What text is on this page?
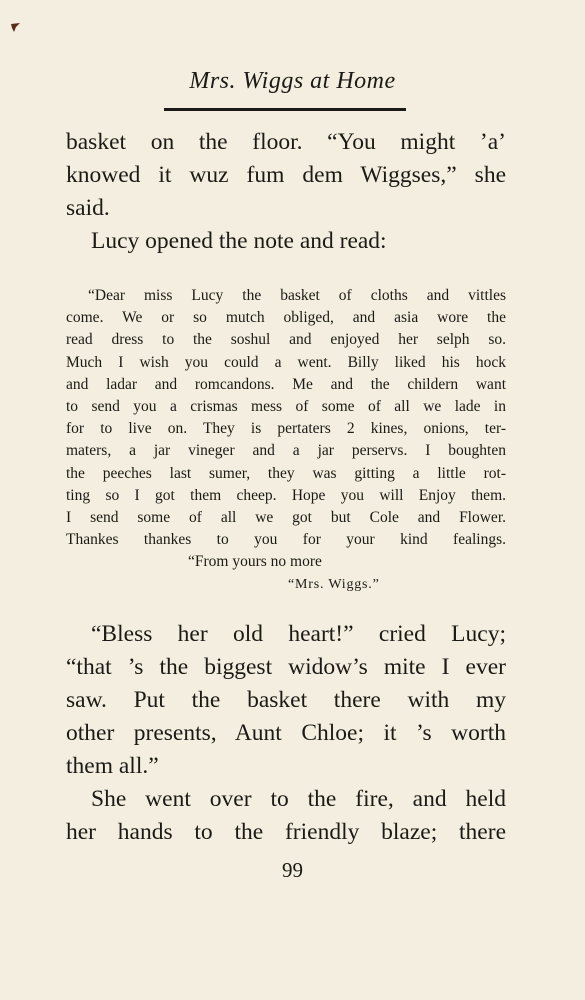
Mrs. Wiggs at Home
basket on the floor. “You might ’a’
knowed it wuz fum dem Wiggses,” she
said.
Lucy opened the note and read:
“Dear miss Lucy the basket of cloths and vittles
come. We or so mutch obliged, and asia wore the
read dress to the soshul and enjoyed her selph so.
Much I wish you could a went. Billy liked his hock
and ladar and romcandons. Me and the childern want
to send you a crismas mess of some of all we lade in
for to live on. They is pertaters 2 kines, onions, ter-
maters, a jar vineger and a jar perservs. I boughten
the peeches last sumer, they was gitting a little rot-
ting so I got them cheep. Hope you will Enjoy them.
I send some of all we got but Cole and Flower.
Thankes thankes to you for your kind fealings.
“From yours no more
“Mrs. Wiggs.”
“Bless her old heart!” cried Lucy;
“that ’s the biggest widow’s mite I ever
saw. Put the basket there with my
other presents, Aunt Chloe; it ’s worth
them all.”
She went over to the fire, and held
her hands to the friendly blaze; there
99
